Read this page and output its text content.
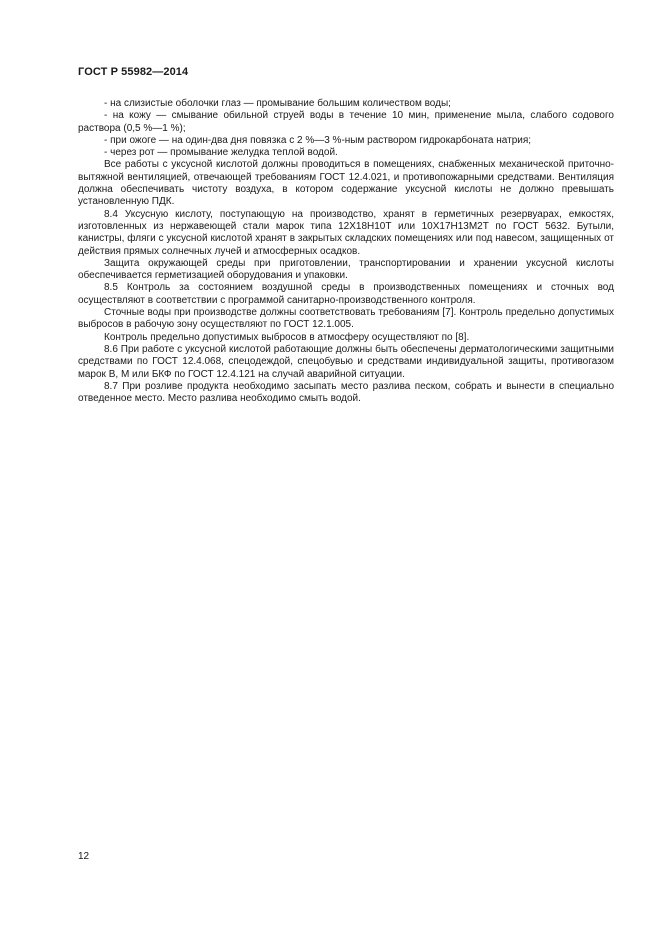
ГОСТ Р 55982—2014

- на слизистые оболочки глаз — промывание большим количеством воды;

- на кожу — смывание обильной струей воды в течение 10 мин, применение мыла, слабого содового раствора (0,5 %—1 %);

- при ожоге — на один-два дня повязка с 2 %—3 %-ным раствором гидрокарбоната натрия;

- через рот — промывание желудка теплой водой.

Все работы с уксусной кислотой должны проводиться в помещениях, снабженных механической приточно-вытяжной вентиляцией, отвечающей требованиям ГОСТ 12.4.021, и противопожарными средствами. Вентиляция должна обеспечивать чистоту воздуха, в котором содержание уксусной кислоты не должно превышать установленную ПДК.

8.4 Уксусную кислоту, поступающую на производство, хранят в герметичных резервуарах, емкостях, изготовленных из нержавеющей стали марок типа 12Х18Н10Т или 10Х17Н13М2Т по ГОСТ 5632. Бутыли, канистры, фляги с уксусной кислотой хранят в закрытых складских помещениях или под навесом, защищенных от действия прямых солнечных лучей и атмосферных осадков.

Защита окружающей среды при приготовлении, транспортировании и хранении уксусной кислоты обеспечивается герметизацией оборудования и упаковки.

8.5 Контроль за состоянием воздушной среды в производственных помещениях и сточных вод осуществляют в соответствии с программой санитарно-производственного контроля.

Сточные воды при производстве должны соответствовать требованиям [7]. Контроль предельно допустимых выбросов в рабочую зону осуществляют по ГОСТ 12.1.005.

Контроль предельно допустимых выбросов в атмосферу осуществляют по [8].

8.6 При работе с уксусной кислотой работающие должны быть обеспечены дерматологическими защитными средствами по ГОСТ 12.4.068, спецодеждой, спецобувью и средствами индивидуальной защиты, противогазом марок В, М или БКФ по ГОСТ 12.4.121 на случай аварийной ситуации.

8.7 При розливе продукта необходимо засыпать место разлива песком, собрать и вынести в специально отведенное место. Место разлива необходимо смыть водой.

12
